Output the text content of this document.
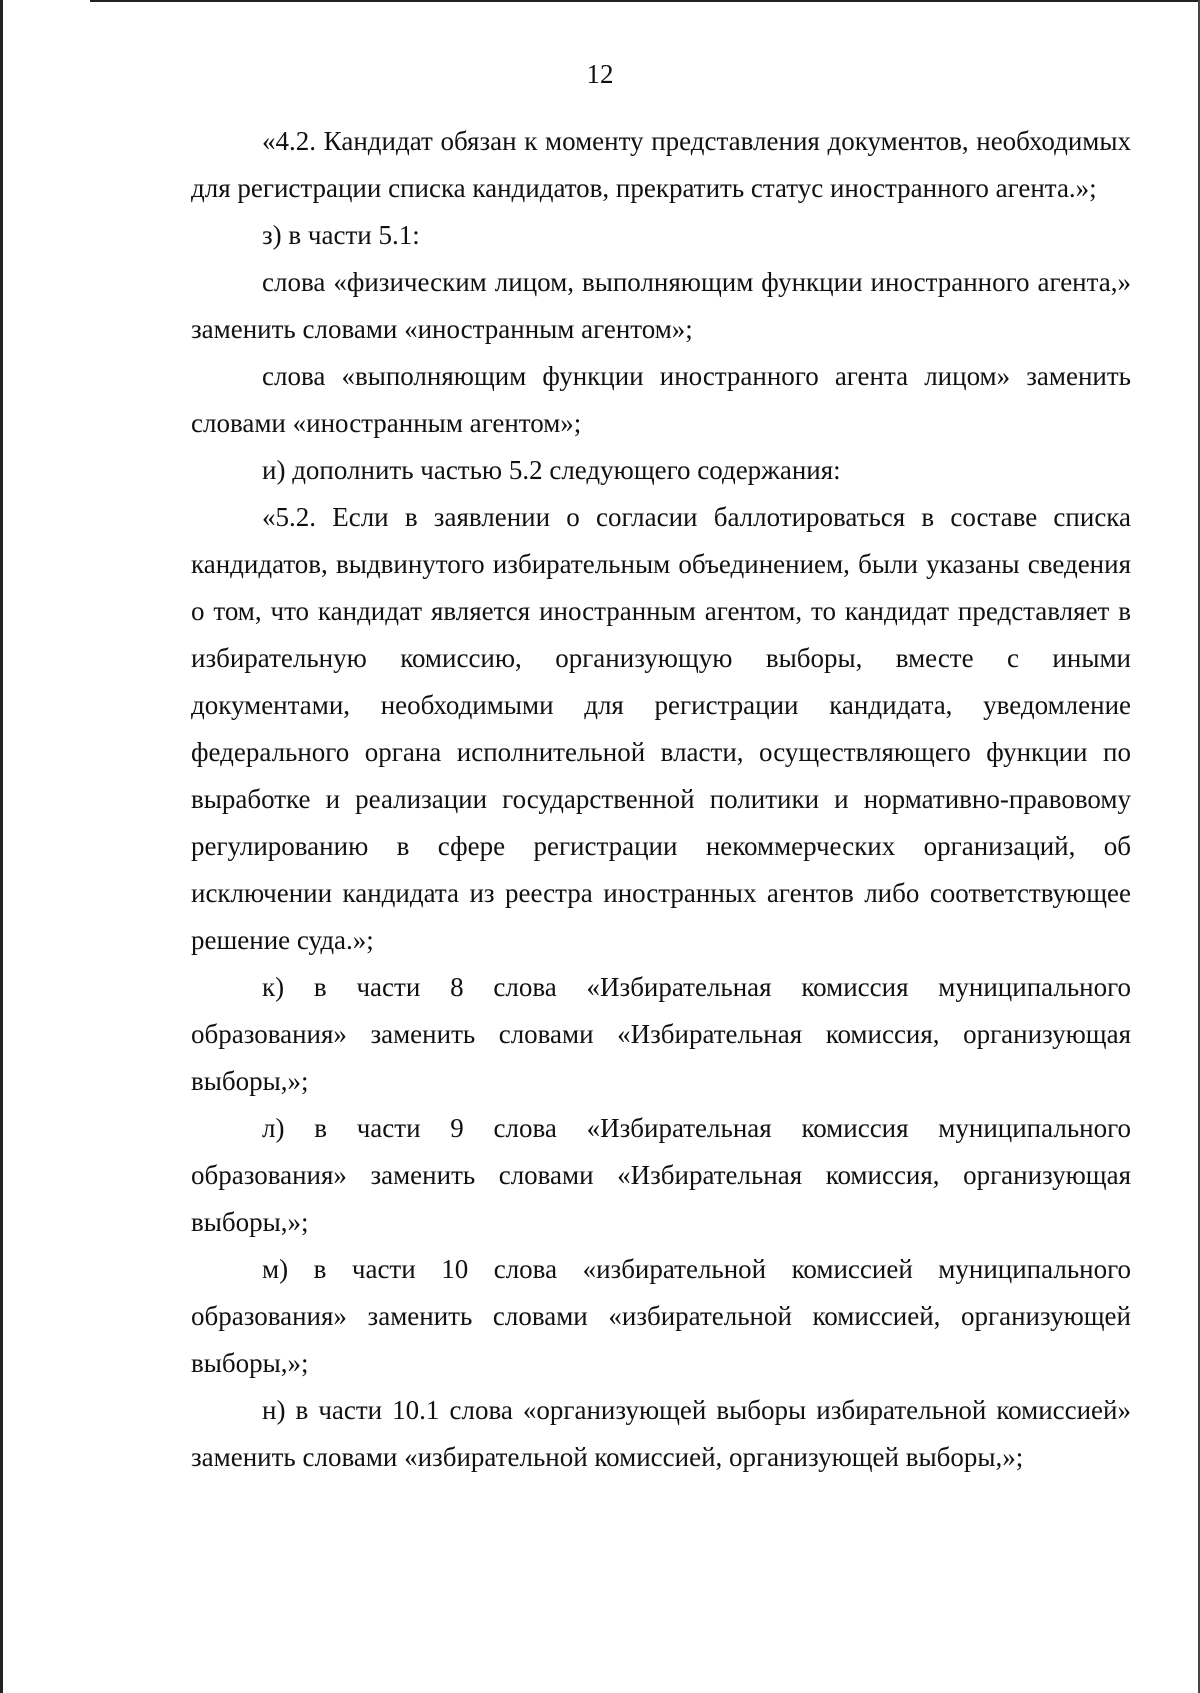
12

«4.2. Кандидат обязан к моменту представления документов, необходимых для регистрации списка кандидатов, прекратить статус иностранного агента.»;

з) в части 5.1:

слова «физическим лицом, выполняющим функции иностранного агента,» заменить словами «иностранным агентом»;

слова «выполняющим функции иностранного агента лицом» заменить словами «иностранным агентом»;

и) дополнить частью 5.2 следующего содержания:

«5.2. Если в заявлении о согласии баллотироваться в составе списка кандидатов, выдвинутого избирательным объединением, были указаны сведения о том, что кандидат является иностранным агентом, то кандидат представляет в избирательную комиссию, организующую выборы, вместе с иными документами, необходимыми для регистрации кандидата, уведомление федерального органа исполнительной власти, осуществляющего функции по выработке и реализации государственной политики и нормативно-правовому регулированию в сфере регистрации некоммерческих организаций, об исключении кандидата из реестра иностранных агентов либо соответствующее решение суда.»;

к) в части 8 слова «Избирательная комиссия муниципального образования» заменить словами «Избирательная комиссия, организующая выборы,»;

л) в части 9 слова «Избирательная комиссия муниципального образования» заменить словами «Избирательная комиссия, организующая выборы,»;

м) в части 10 слова «избирательной комиссией муниципального образования» заменить словами «избирательной комиссией, организующей выборы,»;

н) в части 10.1 слова «организующей выборы избирательной комиссией» заменить словами «избирательной комиссией, организующей выборы,»;
